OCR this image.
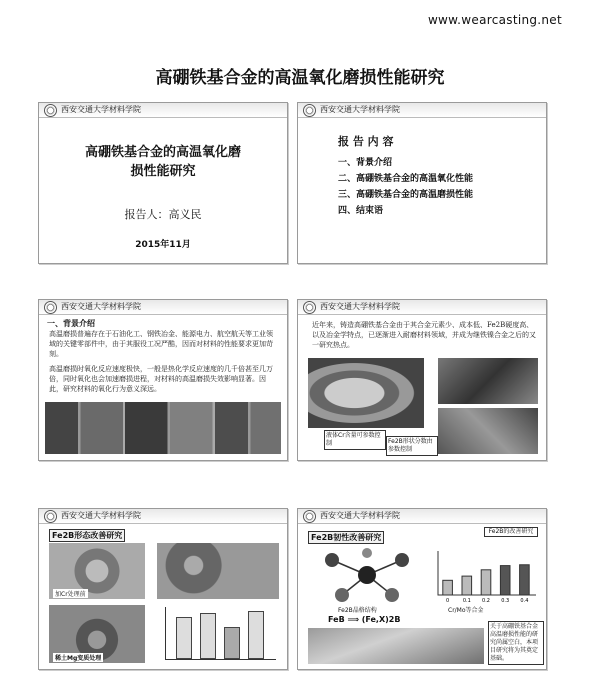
www.wearcasting.net
高硼铁基合金的高温氧化磨损性能研究
西安交通大学材料学院
高硼铁基合金的高温氧化磨
损性能研究
报告人：高义民
2015年11月
西安交通大学材料学院
报 告 内 容
一、背景介绍
二、高硼铁基合金的高温氧化性能
三、高硼铁基合金的高温磨损性能
四、结束语
西安交通大学材料学院
一、背景介绍
高温磨损普遍存在于石油化工、钢铁冶金、能源电力、航空航天等工业领域的关键零部件中，由于其服役工况严酷，因而对材料的性能要求更加苛刻。
高温磨损时氧化反应速度极快，一般是热化学反应速度的几千倍甚至几万倍，同时氧化也会加速磨损进程，对材料的高温磨损失效影响显著。因此，研究材料的氧化行为意义深远。
西安交通大学材料学院
近年来，铸造高硼铁基合金由于其合金元素少、成本低、Fe2B硬度高、以及冶金学特点，已逐渐进入耐磨材料领域，并成为继铁镍合金之后的又一研究热点。
液体Cr含量可参数控制	Fe2B形状分数由参数控制
西安交通大学材料学院
Fe2B形态改善研究
加Cr处理前
稀土Mg变质处理
西安交通大学材料学院
Fe2B韧性改善研究
Fe2B的改善研究
Fe2B晶格结构
0	0.1 0.2 0.3 0.4
Cr/Mo等合金
FeB ⟹ (Fe,X)2B
关于高硼铁基合金高温磨损性能的研究尚属空白，本项目研究将为其奠定基础。
